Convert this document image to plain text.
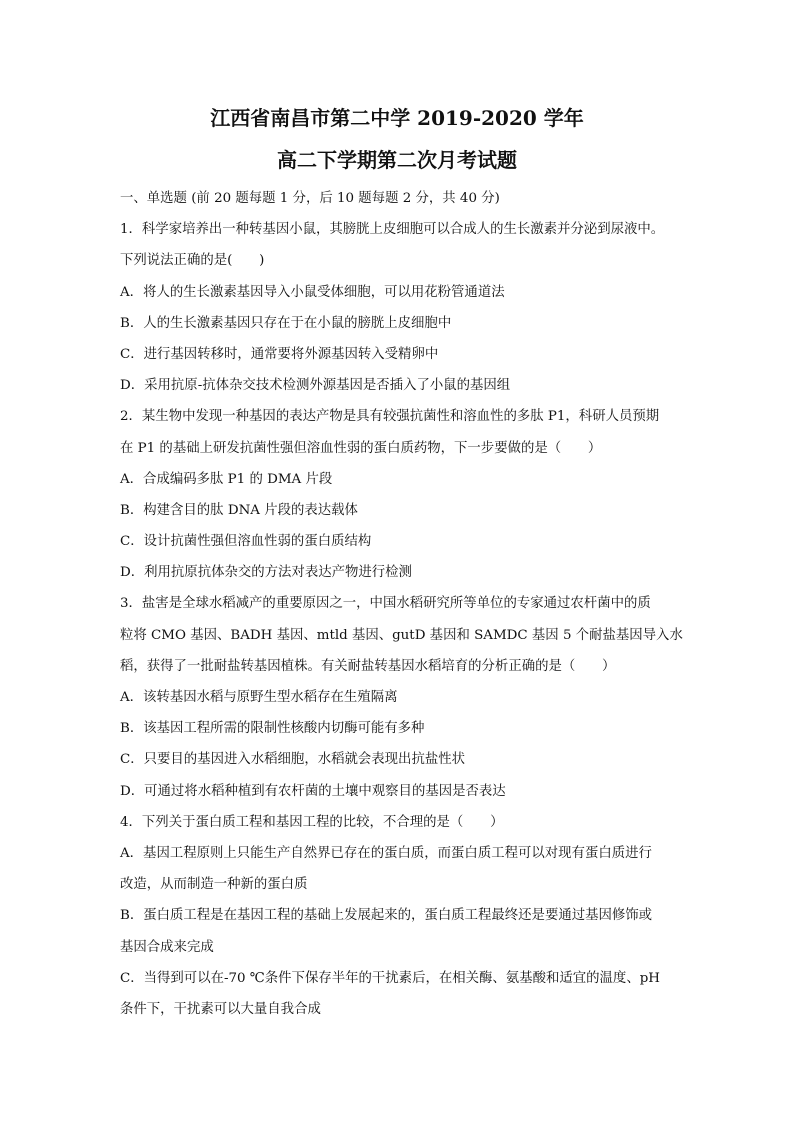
江西省南昌市第二中学 2019-2020 学年
高二下学期第二次月考试题
一、单选题 (前 20 题每题 1 分，后 10 题每题 2 分，共 40 分)
1．科学家培养出一种转基因小鼠，其膀胱上皮细胞可以合成人的生长激素并分泌到尿液中。
下列说法正确的是(　　)
A．将人的生长激素基因导入小鼠受体细胞，可以用花粉管通道法
B．人的生长激素基因只存在于在小鼠的膀胱上皮细胞中
C．进行基因转移时，通常要将外源基因转入受精卵中
D．采用抗原-抗体杂交技术检测外源基因是否插入了小鼠的基因组
2．某生物中发现一种基因的表达产物是具有较强抗菌性和溶血性的多肽 P1，科研人员预期
在 P1 的基础上研发抗菌性强但溶血性弱的蛋白质药物，下一步要做的是（　　）
A．合成编码多肽 P1 的 DMA 片段
B．构建含目的肽 DNA 片段的表达载体
C．设计抗菌性强但溶血性弱的蛋白质结构
D．利用抗原抗体杂交的方法对表达产物进行检测
3．盐害是全球水稻减产的重要原因之一，中国水稻研究所等单位的专家通过农杆菌中的质
粒将 CMO 基因、BADH 基因、mtld 基因、gutD 基因和 SAMDC 基因 5 个耐盐基因导入水
稻，获得了一批耐盐转基因植株。有关耐盐转基因水稻培育的分析正确的是（　　）
A．该转基因水稻与原野生型水稻存在生殖隔离
B．该基因工程所需的限制性核酸内切酶可能有多种
C．只要目的基因进入水稻细胞，水稻就会表现出抗盐性状
D．可通过将水稻种植到有农杆菌的土壤中观察目的基因是否表达
4．下列关于蛋白质工程和基因工程的比较，不合理的是（　　）
A．基因工程原则上只能生产自然界已存在的蛋白质，而蛋白质工程可以对现有蛋白质进行
改造，从而制造一种新的蛋白质
B．蛋白质工程是在基因工程的基础上发展起来的，蛋白质工程最终还是要通过基因修饰或
基因合成来完成
C．当得到可以在-70 ℃条件下保存半年的干扰素后，在相关酶、氨基酸和适宜的温度、pH
条件下，干扰素可以大量自我合成
